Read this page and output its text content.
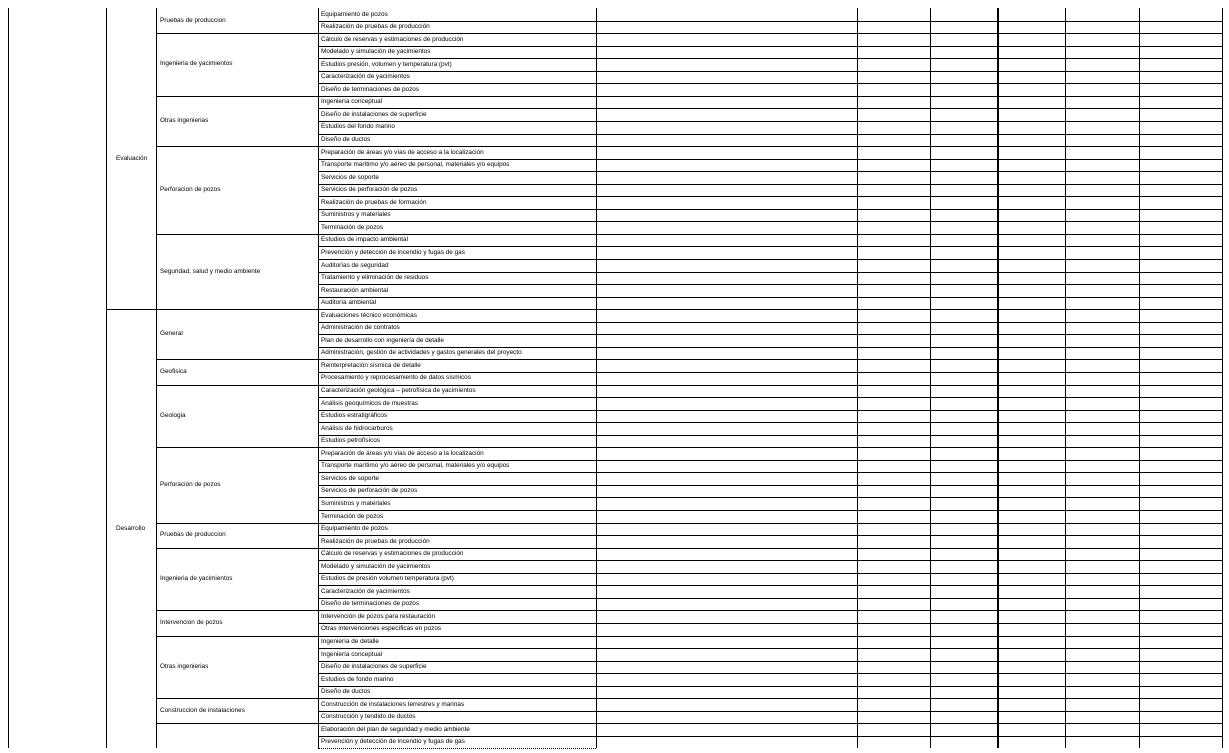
Equipamiento de pozos
Realización de pruebas de producción
Pruebas de produccion
Cálculo de reservas y estimaciones de producción
Modelado y simulación de yacimientos
Estudios presión, volumen y temperatura (pvt)
Caracterización de yacimientos
Diseño de terminaciones de pozos
Ingenieria de yacimientos
Ingeniería conceptual
Diseño de instalaciones de superficie
Estudios del fondo marino
Diseño de ductos
Otras ingenierias
Preparación de áreas y/o vías de acceso a la localización
Transporte marítimo y/o aéreo de personal, materiales y/o equipos
Servicios de soporte
Servicios de perforación de pozos
Realización de pruebas de formación
Suministros y materiales
Terminación de pozos
Perforacion de pozos
Estudios de impacto ambiental
Prevención y detección de incendio y fugas de gas
Auditorías de seguridad
Tratamiento y eliminación de residuos
Restauración ambiental
Auditoría ambiental
Seguridad, salud y medio ambiente
Evaluación
Evaluaciones técnico económicas
Administración de contratos
Plan de desarrollo con ingeniería de detalle
Administración, gestión de actividades y gastos generales del proyecto
General
Reinterpretación sísmica de detalle
Procesamiento y reprocesamiento de datos sísmicos
Geofisica
Caracterización geológica – petrofísica de yacimientos
Análisis geoquímicos de muestras
Estudios estratigráficos
Análisis de hidrocarburos
Estudios petrofísicos
Geologia
Preparación de áreas y/o vías de acceso a la localización
Transporte marítimo y/o aéreo de personal, materiales y/o equipos
Servicios de soporte
Servicios de perforación de pozos
Suministros y materiales
Terminación de pozos
Perforacion de pozos
Equipamiento de pozos
Realización de pruebas de producción
Pruebas de produccion
Cálculo de reservas y estimaciones de producción
Modelado y simulación de yacimientos
Estudios de presión volumen temperatura (pvt)
Caracterización de yacimientos
Diseño de terminaciones de pozos
Ingenieria de yacimientos
Intervención de pozos para restauración
Otras intervenciones específicas en pozos
Intervencion de pozos
Ingeniería de detalle
Ingeniería conceptual
Diseño de instalaciones de superficie
Estudios de fondo marino
Diseño de ductos
Otras ingenierias
Construcción de instalaciones terrestres y marinas
Construcción y tendido de ductos
Construccion de instalaciones
Elaboración del plan de seguridad y medio ambiente
Prevención y detección de incendio y fugas de gas
Desarrollo
